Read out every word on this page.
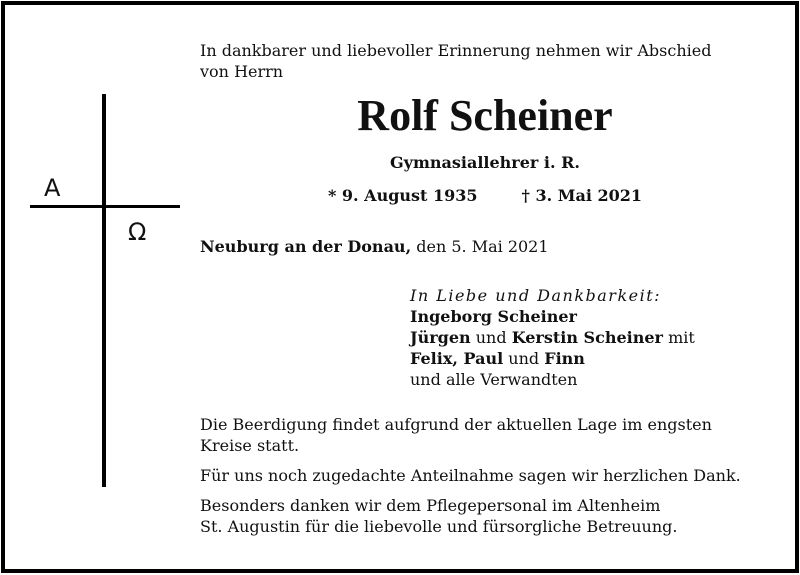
A
Ω
In dankbarer und liebevoller Erinnerung nehmen wir Abschied
von Herrn
Rolf Scheiner
Gymnasiallehrer i. R.
* 9. August 1935	† 3. Mai 2021
Neuburg an der Donau, den 5. Mai 2021
In Liebe und Dankbarkeit:
Ingeborg Scheiner
Jürgen und Kerstin Scheiner mit
Felix, Paul und Finn
und alle Verwandten

Die Beerdigung findet aufgrund der aktuellen Lage im engsten
Kreise statt.

Für uns noch zugedachte Anteilnahme sagen wir herzlichen Dank.

Besonders danken wir dem Pflegepersonal im Altenheim
St. Augustin für die liebevolle und fürsorgliche Betreuung.
